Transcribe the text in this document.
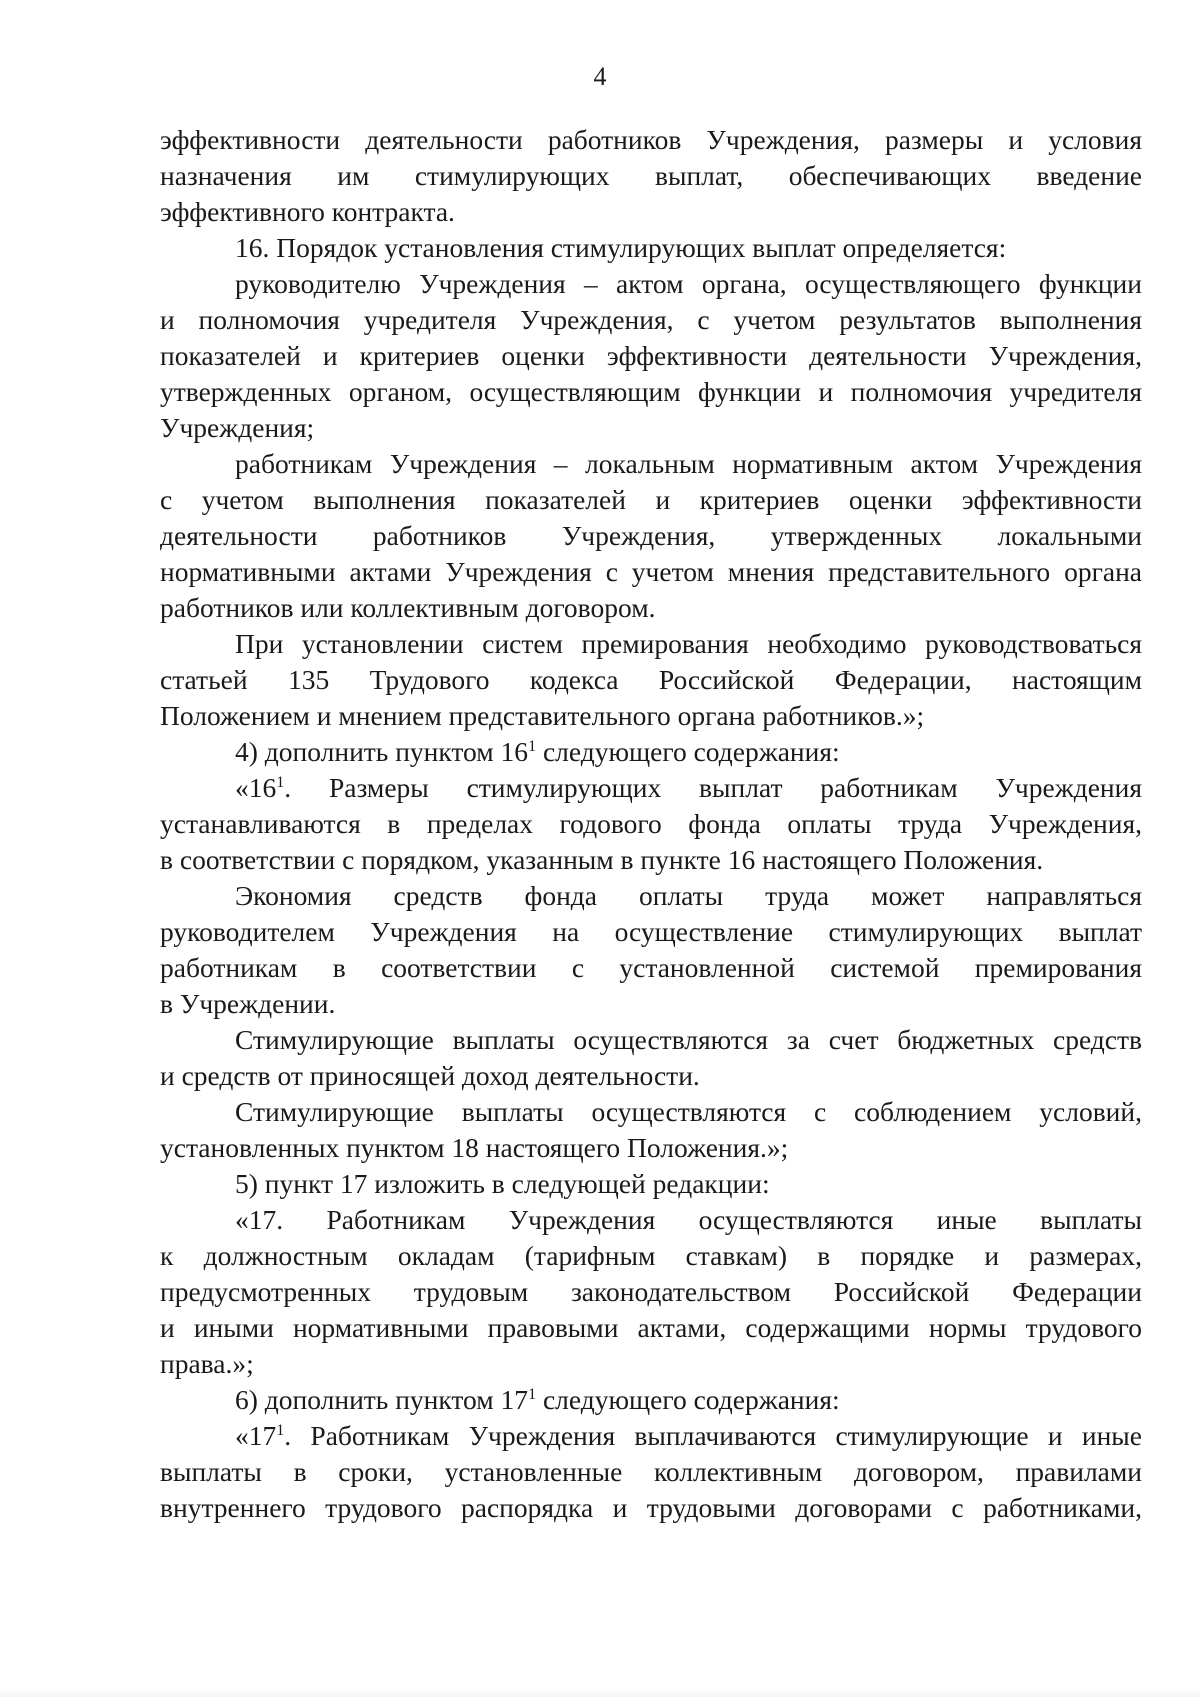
4
эффективности деятельности работников Учреждения, размеры и условия
назначения им стимулирующих выплат, обеспечивающих введение
эффективного контракта.
16. Порядок установления стимулирующих выплат определяется:
руководителю Учреждения – актом органа, осуществляющего функции
и полномочия учредителя Учреждения, с учетом результатов выполнения
показателей и критериев оценки эффективности деятельности Учреждения,
утвержденных органом, осуществляющим функции и полномочия учредителя
Учреждения;
работникам Учреждения – локальным нормативным актом Учреждения
с учетом выполнения показателей и критериев оценки эффективности
деятельности работников Учреждения, утвержденных локальными
нормативными актами Учреждения с учетом мнения представительного органа
работников или коллективным договором.
При установлении систем премирования необходимо руководствоваться
статьей 135 Трудового кодекса Российской Федерации, настоящим
Положением и мнением представительного органа работников.»;
4) дополнить пунктом $16^1$ следующего содержания:
«$16^1$. Размеры стимулирующих выплат работникам Учреждения
устанавливаются в пределах годового фонда оплаты труда Учреждения,
в соответствии с порядком, указанным в пункте 16 настоящего Положения.
Экономия средств фонда оплаты труда может направляться
руководителем Учреждения на осуществление стимулирующих выплат
работникам в соответствии с установленной системой премирования
в Учреждении.
Стимулирующие выплаты осуществляются за счет бюджетных средств
и средств от приносящей доход деятельности.
Стимулирующие выплаты осуществляются с соблюдением условий,
установленных пунктом 18 настоящего Положения.»;
5) пункт 17 изложить в следующей редакции:
«17. Работникам Учреждения осуществляются иные выплаты
к должностным окладам (тарифным ставкам) в порядке и размерах,
предусмотренных трудовым законодательством Российской Федерации
и иными нормативными правовыми актами, содержащими нормы трудового
права.»;
6) дополнить пунктом $17^1$ следующего содержания:
«$17^1$. Работникам Учреждения выплачиваются стимулирующие и иные
выплаты в сроки, установленные коллективным договором, правилами
внутреннего трудового распорядка и трудовыми договорами с работниками,
